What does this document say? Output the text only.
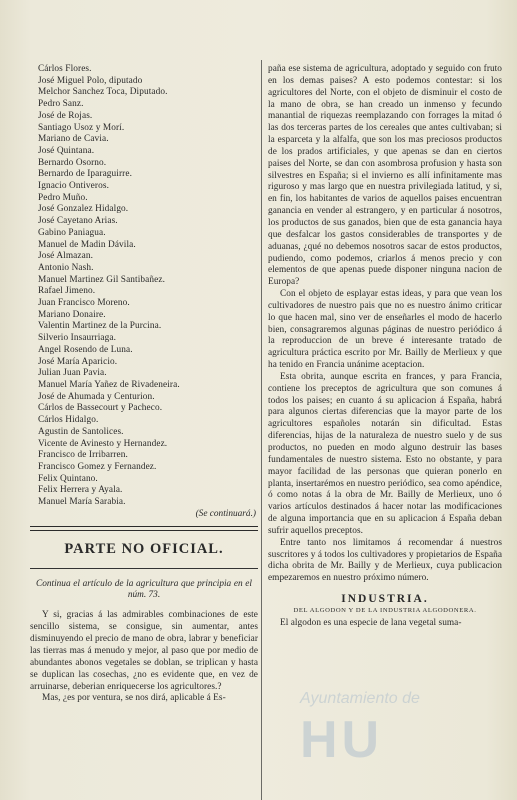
Cárlos Flores.
José Miguel Polo, diputado
Melchor Sanchez Toca, Diputado.
Pedro Sanz.
José de Rojas.
Santiago Usoz y Morí.
Mariano de Cavia.
José Quintana.
Bernardo Osorno.
Bernardo de Iparaguirre.
Ignacio Ontiveros.
Pedro Muño.
José Gonzalez Hidalgo.
José Cayetano Arias.
Gabino Paniagua.
Manuel de Madin Dávila.
José Almazan.
Antonio Nash.
Manuel Martinez Gil Santibañez.
Rafael Jimeno.
Juan Francisco Moreno.
Mariano Donaire.
Valentin Martinez de la Purcina.
Silverio Insaurriaga.
Angel Rosendo de Luna.
José María Aparicio.
Julian Juan Pavia.
Manuel María Yañez de Rivadeneira.
José de Ahumada y Centurion.
Cárlos de Bassecourt y Pacheco.
Cárlos Hidalgo.
Agustin de Santolices.
Vicente de Avinesto y Hernandez.
Francisco de Irribarren.
Francisco Gomez y Fernandez.
Felix Quintano.
Felix Herrera y Ayala.
Manuel María Sarabia.
(Se continuará.)
PARTE NO OFICIAL.
Continua el artículo de la agricultura que principia en el núm. 73.

Y si, gracias á las admirables combinaciones de este sencillo sistema, se consigue, sin aumentar, antes disminuyendo el precio de mano de obra, labrar y beneficiar las tierras mas á menudo y mejor, al paso que por medio de abundantes abonos vegetales se doblan, se triplican y hasta se duplican las cosechas, ¿no es evidente que, en vez de arruinarse, deberian enriquecerse los agricultores.?

Mas, ¿es por ventura, se nos dirá, aplicable á Es-

paña ese sistema de agricultura, adoptado y seguido con fruto en los demas paises? A esto podemos contestar: si los agricultores del Norte, con el objeto de disminuir el costo de la mano de obra, se han creado un inmenso y fecundo manantial de riquezas reemplazando con forrages la mitad ó las dos terceras partes de los cereales que antes cultivaban; si la esparceta y la alfalfa, que son los mas preciosos productos de los prados artificiales, y que apenas se dan en ciertos paises del Norte, se dan con asombrosa profusion y hasta son silvestres en España; si el invierno es allí infinitamente mas riguroso y mas largo que en nuestra privilegiada latitud, y si, en fin, los habitantes de varios de aquellos paises encuentran ganancia en vender al estrangero, y en particular á nosotros, los productos de sus ganados, bien que de esta ganancia haya que desfalcar los gastos considerables de transportes y de aduanas, ¿qué no debemos nosotros sacar de estos productos, pudiendo, como podemos, criarlos á menos precio y con elementos de que apenas puede disponer ninguna nacion de Europa?

Con el objeto de esplayar estas ideas, y para que vean los cultivadores de nuestro pais que no es nuestro ánimo criticar lo que hacen mal, sino ver de enseñarles el modo de hacerlo bien, consagraremos algunas páginas de nuestro periódico á la reproduccion de un breve é interesante tratado de agricultura práctica escrito por Mr. Bailly de Merlieux y que ha tenido en Francia unánime aceptacion.

Esta obrita, aunque escrita en frances, y para Francia, contiene los preceptos de agricultura que son comunes á todos los paises; en cuanto á su aplicacion á España, habrá para algunos ciertas diferencias que la mayor parte de los agricultores españoles notarán sin dificultad. Estas diferencias, hijas de la naturaleza de nuestro suelo y de sus productos, no pueden en modo alguno destruir las bases fundamentales de nuestro sistema. Esto no obstante, y para mayor facilidad de las personas que quieran ponerlo en planta, insertarémos en nuestro periódico, sea como apéndice, ó como notas á la obra de Mr. Bailly de Merlieux, uno ó varios artículos destinados á hacer notar las modificaciones de alguna importancia que en su aplicacion á España deban sufrir aquellos preceptos.

Entre tanto nos limitamos á recomendar á nuestros suscritores y á todos los cultivadores y propietarios de España dicha obrita de Mr. Bailly y de Merlieux, cuya publicacion empezaremos en nuestro próximo número.

INDUSTRIA.
DEL ALGODON Y DE LA INDUSTRIA ALGODONERA.

El algodon es una especie de lana vegetal suma-

Ayuntamiento de
HU
